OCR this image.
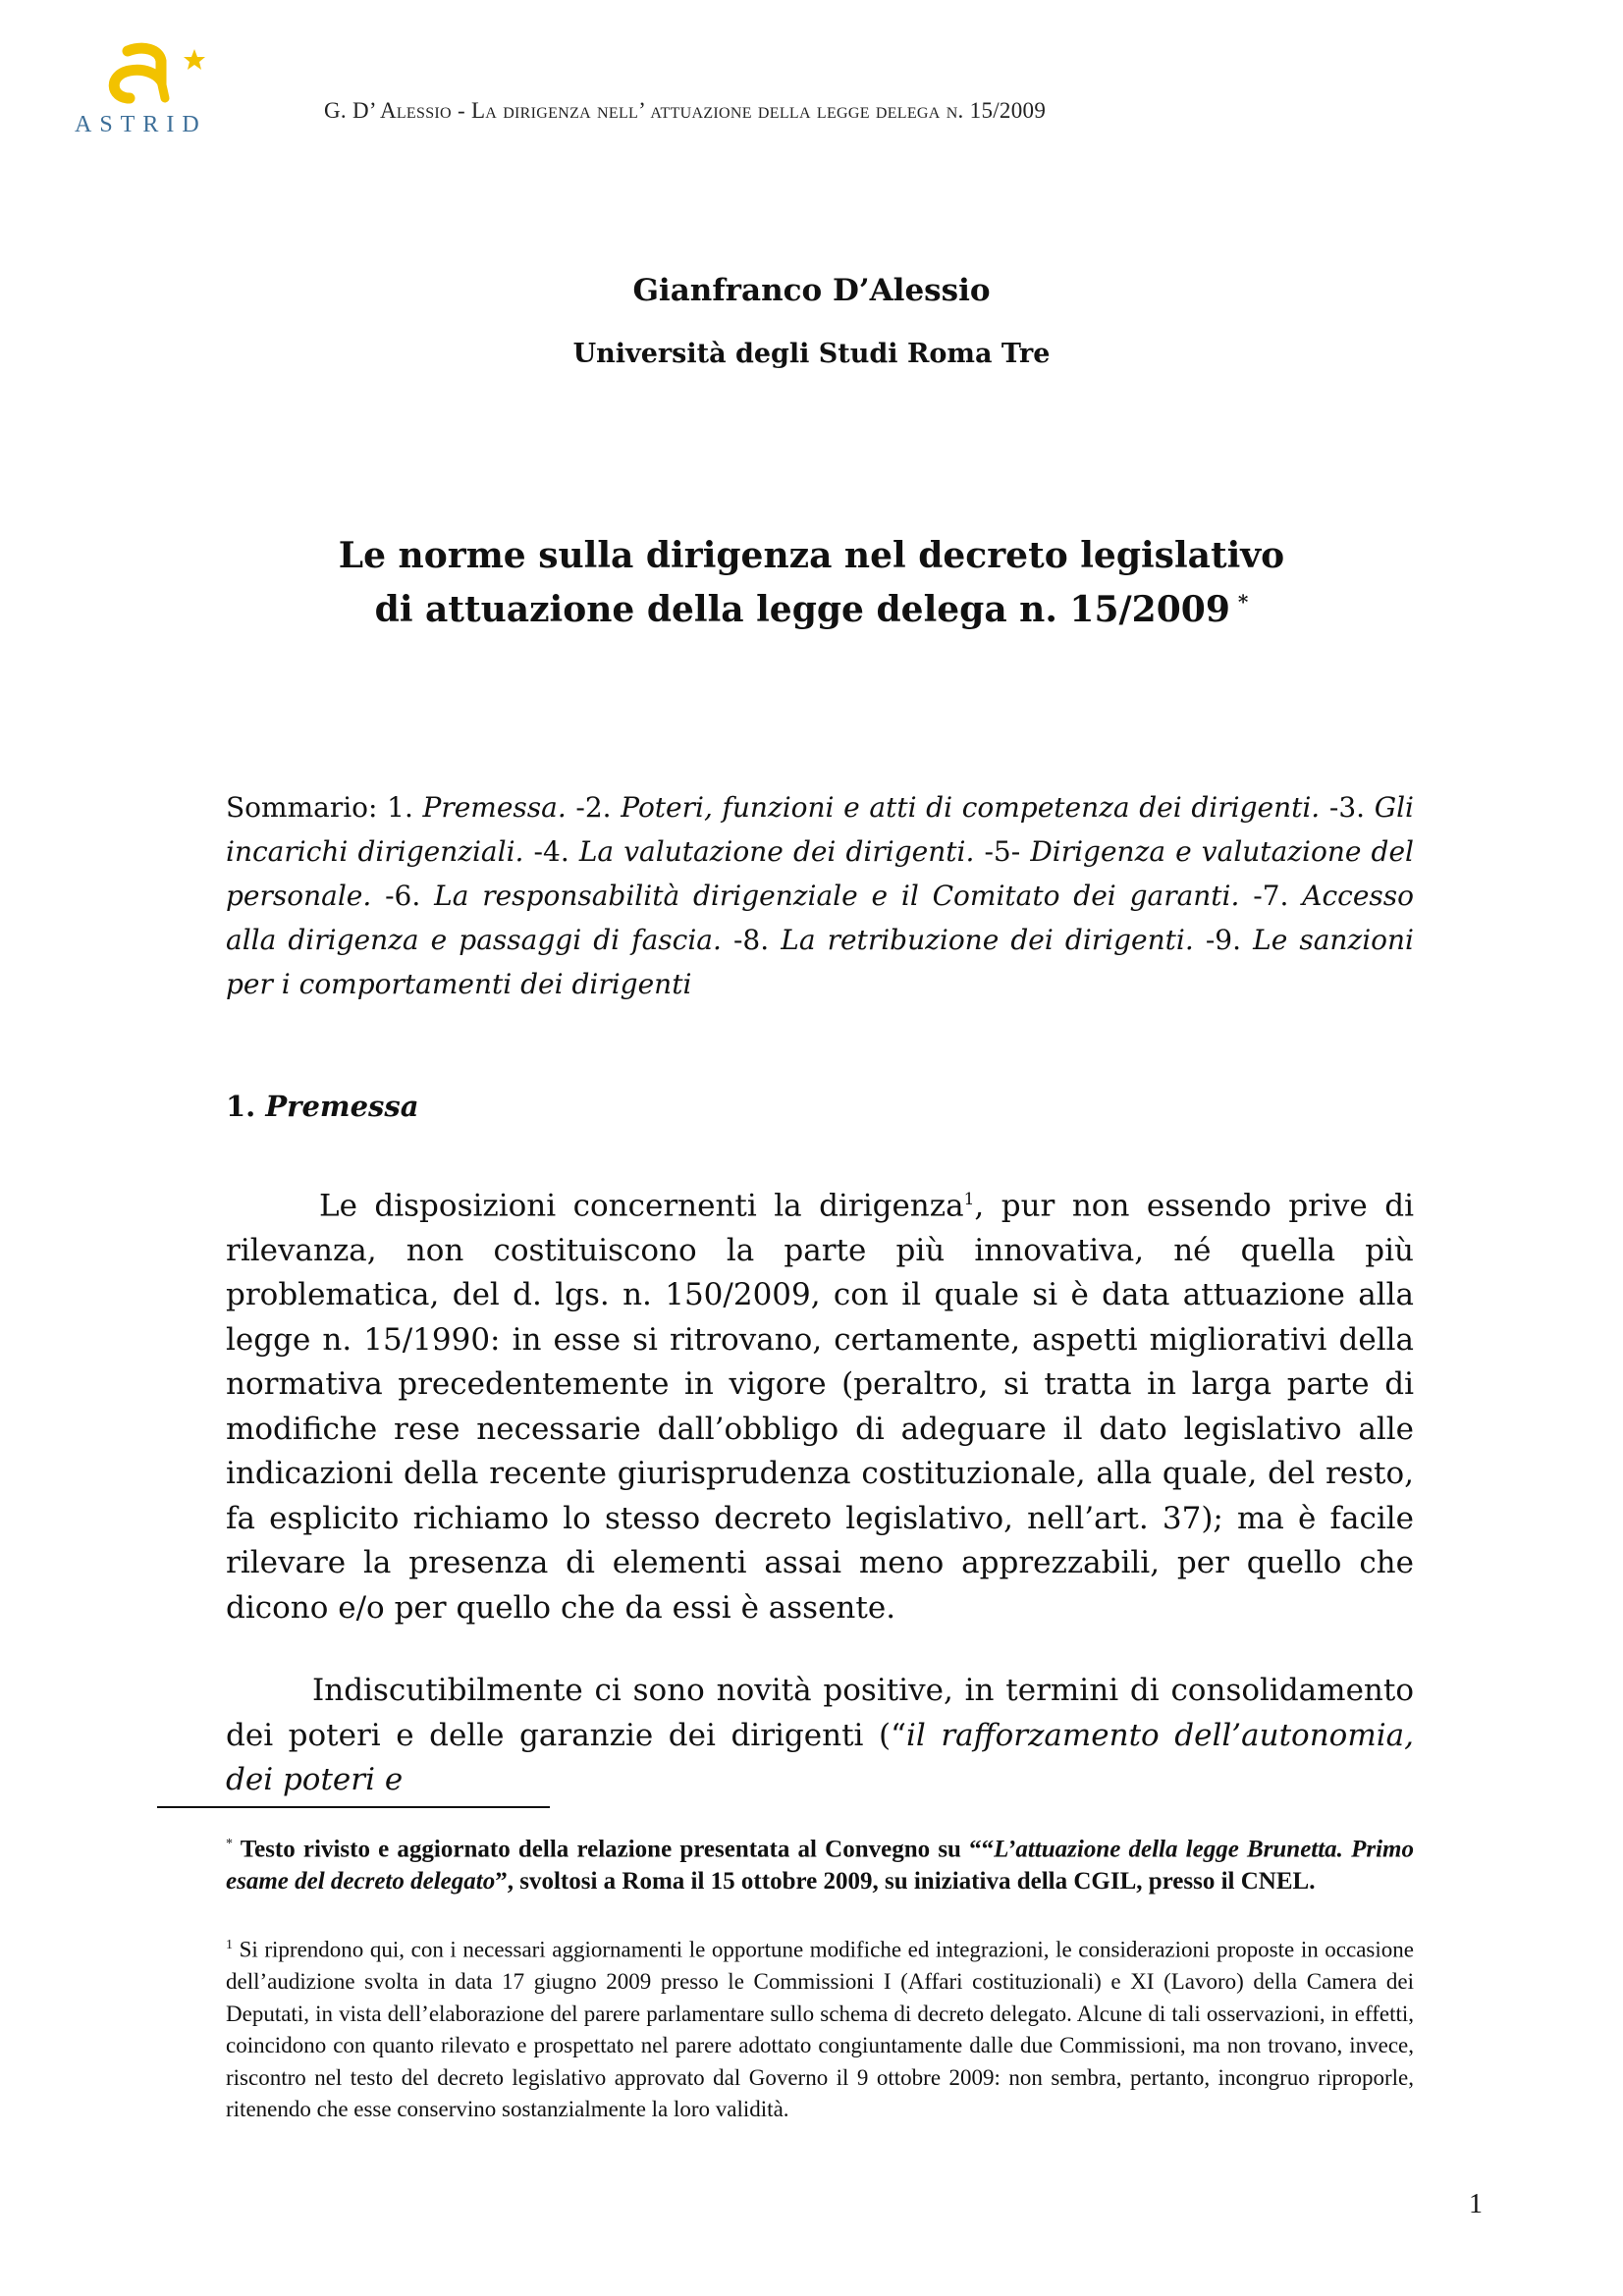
ASTRID
G. D’ Alessio - La dirigenza nell’ attuazione della legge delega n. 15/2009
Gianfranco D’Alessio
Università degli Studi Roma Tre
Le norme sulla dirigenza nel decreto legislativo
di attuazione della legge delega n. 15/2009 *
Sommario: 1. Premessa. -2. Poteri, funzioni e atti di competenza dei dirigenti. -3. Gli incarichi dirigenziali. -4. La valutazione dei dirigenti. -5- Dirigenza e valutazione del personale. -6. La responsabilità dirigenziale e il Comitato dei garanti. -7. Accesso alla dirigenza e passaggi di fascia. -8. La retribuzione dei dirigenti. -9. Le sanzioni per i comportamenti dei dirigenti
1. Premessa
Le disposizioni concernenti la dirigenza$^1$, pur non essendo prive di rilevanza, non costituiscono la parte più innovativa, né quella più problematica, del d. lgs. n. 150/2009, con il quale si è data attuazione alla legge n. 15/1990: in esse si ritrovano, certamente, aspetti migliorativi della normativa precedentemente in vigore (peraltro, si tratta in larga parte di modifiche rese necessarie dall’obbligo di adeguare il dato legislativo alle indicazioni della recente giurisprudenza costituzionale, alla quale, del resto, fa esplicito richiamo lo stesso decreto legislativo, nell’art. 37); ma è facile rilevare la presenza di elementi assai meno apprezzabili, per quello che dicono e/o per quello che da essi è assente.
Indiscutibilmente ci sono novità positive, in termini di consolidamento dei poteri e delle garanzie dei dirigenti (“il rafforzamento dell’autonomia, dei poteri e
* Testo rivisto e aggiornato della relazione presentata al Convegno su ““L’attuazione della legge Brunetta. Primo esame del decreto delegato”, svoltosi a Roma il 15 ottobre 2009, su iniziativa della CGIL, presso il CNEL.
$^1$ Si riprendono qui, con i necessari aggiornamenti le opportune modifiche ed integrazioni, le considerazioni proposte in occasione dell’audizione svolta in data 17 giugno 2009 presso le Commissioni I (Affari costituzionali) e XI (Lavoro) della Camera dei Deputati, in vista dell’elaborazione del parere parlamentare sullo schema di decreto delegato. Alcune di tali osservazioni, in effetti, coincidono con quanto rilevato e prospettato nel parere adottato congiuntamente dalle due Commissioni, ma non trovano, invece, riscontro nel testo del decreto legislativo approvato dal Governo il 9 ottobre 2009: non sembra, pertanto, incongruo riproporle, ritenendo che esse conservino sostanzialmente la loro validità.
1
